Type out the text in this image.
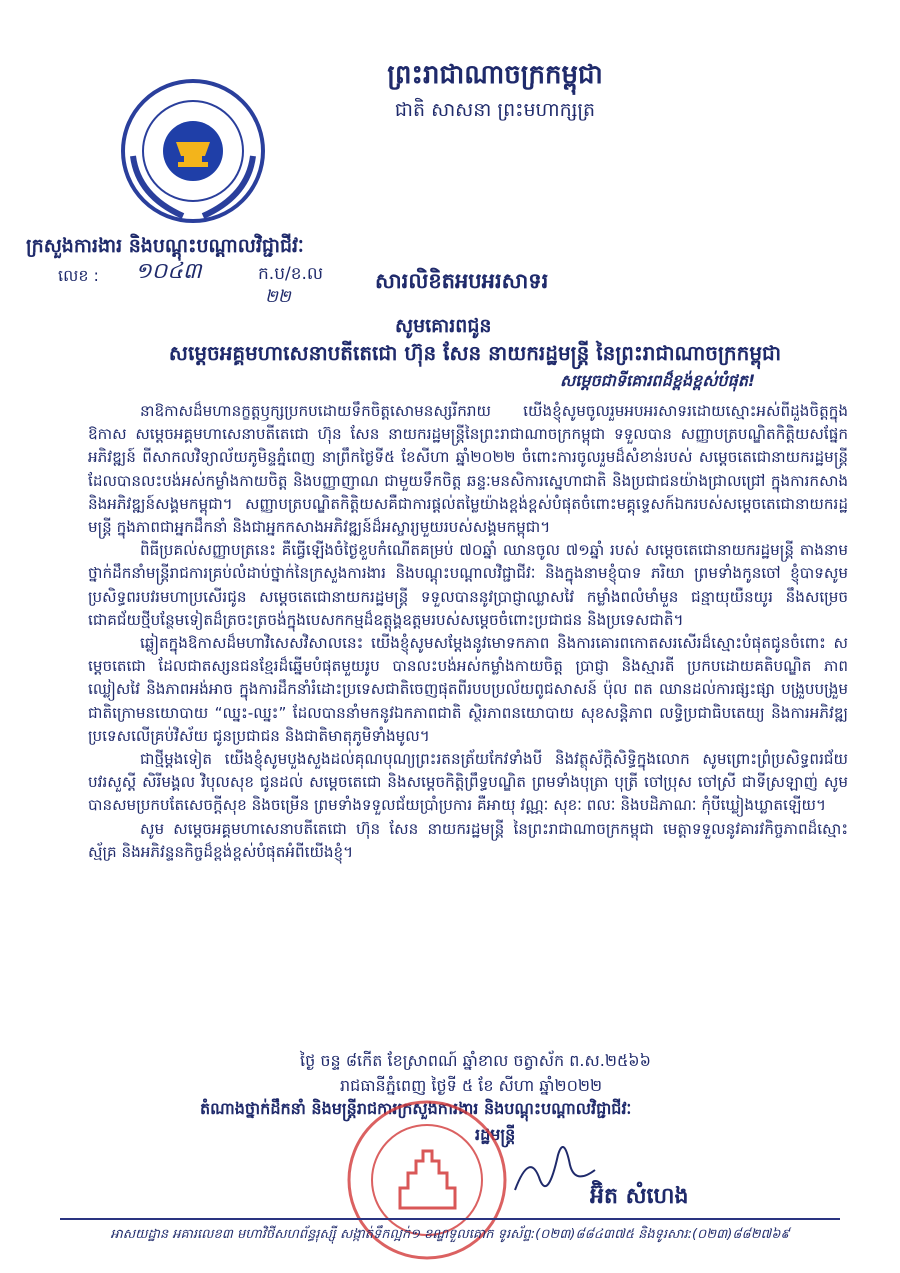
ព្រះរាជាណាចក្រកម្ពុជា
ជាតិ សាសនា ព្រះមហាក្សត្រ
ក្រសួងការងារ និងបណ្តុះបណ្តាលវិជ្ជាជីវៈ
លេខ : ១០៤៣	ក.ប/ខ.ល
២២
សារលិខិតអបអរសាទរ
សូមគោរពជូន
សម្តេចអគ្គមហាសេនាបតីតេជោ ហ៊ុន សែន នាយករដ្ឋមន្ត្រី នៃព្រះរាជាណាចក្រកម្ពុជា
សម្តេចជាទីគោរពដ៏ខ្ពង់ខ្ពស់បំផុត!

នាឱកាសដ៏មហានក្ខត្តឫក្សប្រកបដោយទឹកចិត្តសោមនស្សរីករាយ យើងខ្ញុំសូមចូលរួមអបអរសាទរដោយស្មោះអស់ពីដួងចិត្តក្នុងឱកាស សម្តេចអគ្គមហាសេនាបតីតេជោ ហ៊ុន សែន នាយករដ្ឋមន្ត្រីនៃព្រះរាជាណាចក្រកម្ពុជា ទទួលបាន សញ្ញាបត្របណ្ឌិតកិត្តិយសផ្នែកអភិវឌ្ឍន៍ ពីសាកលវិទ្យាល័យភូមិន្ទភ្នំពេញ នាព្រឹកថ្ងៃទី៥ ខែសីហា ឆ្នាំ២០២២ ចំពោះការចូលរួមដ៏សំខាន់របស់ សម្តេចតេជោនាយករដ្ឋមន្ត្រី ដែលបានលះបង់អស់កម្លាំងកាយចិត្ត និងបញ្ញាញាណ ជាមួយទឹកចិត្ត ឆន្ទៈមនសិការស្នេហាជាតិ និងប្រជាជនយ៉ាងជ្រាលជ្រៅ ក្នុងការកសាង និងអភិវឌ្ឍន៍សង្គមកម្ពុជា។ សញ្ញាបត្របណ្ឌិតកិត្តិយសគឺជាការផ្តល់តម្លៃយ៉ាងខ្ពង់ខ្ពស់បំផុតចំពោះមគ្គុទ្ទេសក៍ឯករបស់សម្តេចតេជោនាយករដ្ឋមន្ត្រី ក្នុងភាពជាអ្នកដឹកនាំ និងជាអ្នកកសាងអភិវឌ្ឍន៍ដ៏អស្ចារ្យមួយរបស់សង្គមកម្ពុជា។

ពិធីប្រគល់សញ្ញាបត្រនេះ គឺធ្វើឡើងចំថ្ងៃខួបកំណើតគម្រប់ ៧០ឆ្នាំ ឈានចូល ៧១ឆ្នាំ របស់ សម្តេចតេជោនាយករដ្ឋមន្ត្រី តាងនាមថ្នាក់ដឹកនាំមន្ត្រីរាជការគ្រប់លំដាប់ថ្នាក់នៃក្រសួងការងារ និងបណ្តុះបណ្តាលវិជ្ជាជីវៈ និងក្នុងនាមខ្ញុំបាទ ភរិយា ព្រមទាំងកូនចៅ ខ្ញុំបាទសូមប្រសិទ្ធពរបវរមហាប្រសើរជូន សម្តេចតេជោនាយករដ្ឋមន្ត្រី ទទួលបាននូវប្រាជ្ញាឈ្លាសវៃ កម្លាំងពលំមាំមួន ជន្មាយុយឺនយូរ នឹងសម្រេចជោគជ័យថ្មីបន្ថែមទៀតដ៏ត្រចះត្រចង់ក្នុងបេសកកម្មដ៏ឧត្តុង្គឧត្តមរបស់សម្តេចចំពោះប្រជាជន និងប្រទេសជាតិ។

ឆ្លៀតក្នុងឱកាសដ៏មហាវិសេសវិសាលនេះ យើងខ្ញុំសូមសម្តែងនូវមោទកភាព និងការគោរពកោតសរសើរដ៏ស្មោះបំផុតជូនចំពោះ សម្តេចតេជោ ដែលជាតស្សនជនខ្មែរដ៏ឆ្នើមបំផុតមួយរូប បានលះបង់អស់កម្លាំងកាយចិត្ត ប្រាជ្ញា និងស្មារតី ប្រកបដោយគតិបណ្ឌិត ភាពឈ្លៀសវៃ និងភាពអង់អាច ក្នុងការដឹកនាំរំដោះប្រទេសជាតិចេញផុតពីរបបប្រល័យពូជសាសន៍ ប៉ុល ពត ឈានដល់ការផ្សះផ្សា បង្រួបបង្រួមជាតិក្រោមនយោបាយ “ឈ្នះ-ឈ្នះ” ដែលបាននាំមកនូវឯកភាពជាតិ ស្ថិរភាពនយោបាយ សុខសន្តិភាព លទ្ធិប្រជាធិបតេយ្យ និងការអភិវឌ្ឍប្រទេសលើគ្រប់វិស័យ ជូនប្រជាជន និងជាតិមាតុភូមិទាំងមូល។

ជាថ្មីម្តងទៀត យើងខ្ញុំសូមបួងសួងដល់គុណបុណ្យព្រះរតនត្រ័យកែវទាំងបី និងវត្ថុស័ក្តិសិទ្ធិក្នុងលោក សូមព្រោះព្រំប្រសិទ្ធពរជ័យ បវរសួស្តី សិរីមង្គល វិបុលសុខ ជូនដល់ សម្តេចតេជោ និងសម្តេចកិត្តិព្រឹទ្ធបណ្ឌិត ព្រមទាំងបុត្រា បុត្រី ចៅប្រុស ចៅស្រី ជាទីស្រឡាញ់ សូមបានសមប្រកបតែសេចក្តីសុខ និងចម្រើន ព្រមទាំងទទួលជ័យប្រាំប្រការ គឺអាយុ វណ្ណៈ សុខៈ ពលៈ និងបដិភាណៈ កុំបីឃ្លៀងឃ្លាតឡើយ។

សូម សម្តេចអគ្គមហាសេនាបតីតេជោ ហ៊ុន សែន នាយករដ្ឋមន្ត្រី នៃព្រះរាជាណាចក្រកម្ពុជា មេត្តាទទួលនូវគារវកិច្ចភាពដ៏ស្មោះស្ម័គ្រ និងអភិវន្ទនកិច្ចដ៏ខ្ពង់ខ្ពស់បំផុតអំពីយើងខ្ញុំ។

ថ្ងៃ ចន្ទ ៨កើត ខែស្រាពណ៍ ឆ្នាំខាល ចត្វាស័ក ព.ស.២៥៦៦
រាជធានីភ្នំពេញ ថ្ងៃទី ៥ ខែ សីហា ឆ្នាំ២០២២
តំណាងថ្នាក់ដឹកនាំ និងមន្ត្រីរាជការក្រសួងការងារ និងបណ្តុះបណ្តាលវិជ្ជាជីវៈ
រដ្ឋមន្ត្រី
អ៊ិត សំហេង
អាសយដ្ឋាន អគារលេខ៣ មហាវិថីសហព័ន្ធរុស្ស៊ី សង្កាត់ទឹកល្អក់១ ខណ្ឌទួលគោក ទូរស័ព្ទ:(០២៣)៨៨៤៣៧៥ និងទូរសារ:(០២៣)៨៨២៧៦៩
